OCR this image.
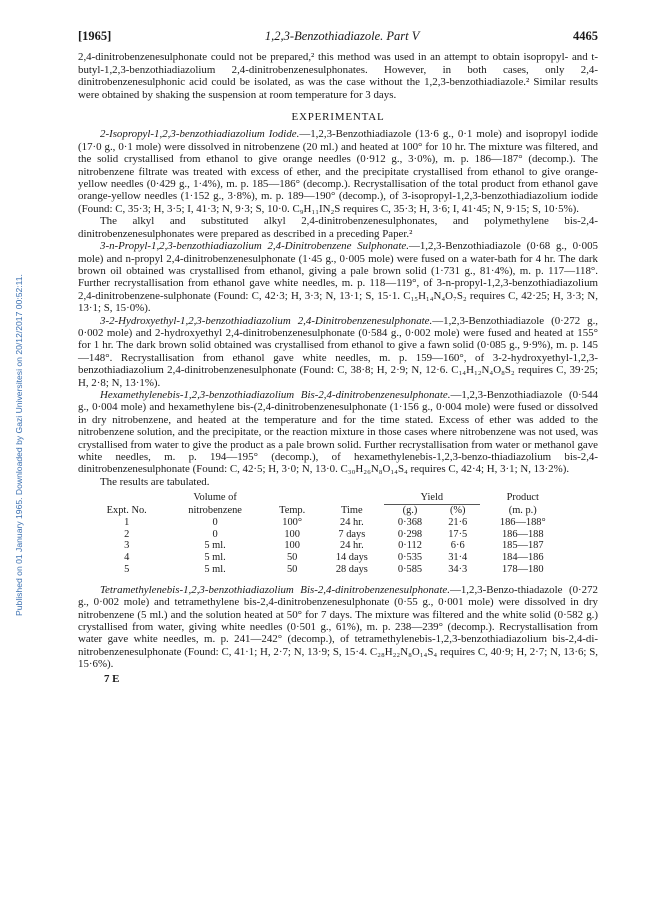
Published on 01 January 1965. Downloaded by Gazi Universitesi on 20/12/2017 00:52:11.
[1965]	1,2,3-Benzothiadiazole. Part V	4465

2,4-dinitrobenzenesulphonate could not be prepared,² this method was used in an attempt to obtain isopropyl- and t-butyl-1,2,3-benzothiadiazolium 2,4-dinitrobenzenesulphonates. However, in both cases, only 2,4-dinitrobenzenesulphonic acid could be isolated, as was the case without the 1,2,3-benzothiadiazole.² Similar results were obtained by shaking the suspension at room temperature for 3 days.

EXPERIMENTAL

2-Isopropyl-1,2,3-benzothiadiazolium Iodide.—1,2,3-Benzothiadiazole (13·6 g., 0·1 mole) and isopropyl iodide (17·0 g., 0·1 mole) were dissolved in nitrobenzene (20 ml.) and heated at 100° for 10 hr. The mixture was filtered, and the solid crystallised from ethanol to give orange needles (0·912 g., 3·0%), m. p. 186—187° (decomp.). The nitrobenzene filtrate was treated with excess of ether, and the precipitate crystallised from ethanol to give orange-yellow needles (0·429 g., 1·4%), m. p. 185—186° (decomp.). Recrystallisation of the total product from ethanol gave orange-yellow needles (1·152 g., 3·8%), m. p. 189—190° (decomp.), of 3-isopropyl-1,2,3-benzothiadiazolium iodide (Found: C, 35·3; H, 3·5; I, 41·3; N, 9·3; S, 10·0. C₉H₁₁IN₂S requires C, 35·3; H, 3·6; I, 41·45; N, 9·15; S, 10·5%).

The alkyl and substituted alkyl 2,4-dinitrobenzenesulphonates, and polymethylene bis-2,4-dinitrobenzenesulphonates were prepared as described in a preceding Paper.²

3-n-Propyl-1,2,3-benzothiadiazolium 2,4-Dinitrobenzene Sulphonate.—1,2,3-Benzothiadiazole (0·68 g., 0·005 mole) and n-propyl 2,4-dinitrobenzenesulphonate (1·45 g., 0·005 mole) were fused on a water-bath for 4 hr. The dark brown oil obtained was crystallised from ethanol, giving a pale brown solid (1·731 g., 81·4%), m. p. 117—118°. Further recrystallisation from ethanol gave white needles, m. p. 118—119°, of 3-n-propyl-1,2,3-benzothiadiazolium 2,4-dinitrobenzene-sulphonate (Found: C, 42·3; H, 3·3; N, 13·1; S, 15·1. C₁₅H₁₄N₄O₇S₂ requires C, 42·25; H, 3·3; N, 13·1; S, 15·0%).

3-2-Hydroxyethyl-1,2,3-benzothiadiazolium 2,4-Dinitrobenzenesulphonate.—1,2,3-Benzothiadiazole (0·272 g., 0·002 mole) and 2-hydroxyethyl 2,4-dinitrobenzenesulphonate (0·584 g., 0·002 mole) were fused and heated at 155° for 1 hr. The dark brown solid obtained was crystallised from ethanol to give a fawn solid (0·085 g., 9·9%), m. p. 145—148°. Recrystallisation from ethanol gave white needles, m. p. 159—160°, of 3-2-hydroxyethyl-1,2,3-benzothiadiazolium 2,4-dinitrobenzenesulphonate (Found: C, 38·8; H, 2·9; N, 12·6. C₁₄H₁₂N₄O₈S₂ requires C, 39·25; H, 2·8; N, 13·1%).

Hexamethylenebis-1,2,3-benzothiadiazolium Bis-2,4-dinitrobenzenesulphonate.—1,2,3-Benzothiadiazole (0·544 g., 0·004 mole) and hexamethylene bis-(2,4-dinitrobenzenesulphonate (1·156 g., 0·004 mole) were fused or dissolved in dry nitrobenzene, and heated at the temperature and for the time stated. Excess of ether was added to the nitrobenzene solution, and the precipitate, or the reaction mixture in those cases where nitrobenzene was not used, was crystallised from water to give the product as a pale brown solid. Further recrystallisation from water or methanol gave white needles, m. p. 194—195° (decomp.), of hexamethylenebis-1,2,3-benzo-thiadiazolium bis-2,4-dinitrobenzenesulphonate (Found: C, 42·5; H, 3·0; N, 13·0. C₃₀H₂₆N₈O₁₄S₄ requires C, 42·4; H, 3·1; N, 13·2%).

The results are tabulated.

	Volume of			Yield		Product
Expt. No.	nitrobenzene	Temp.	Time	(g.)	(%)	(m. p.)
1	0	100°	24 hr.	0·368	21·6	186—188°
2	0	100	7 days	0·298	17·5	186—188
3	5 ml.	100	24 hr.	0·112	6·6	185—187
4	5 ml.	50	14 days	0·535	31·4	184—186
5	5 ml.	50	28 days	0·585	34·3	178—180

Tetramethylenebis-1,2,3-benzothiadiazolium Bis-2,4-dinitrobenzenesulphonate.—1,2,3-Benzo-thiadazole (0·272 g., 0·002 mole) and tetramethylene bis-2,4-dinitrobenzenesulphonate (0·55 g., 0·001 mole) were dissolved in dry nitrobenzene (5 ml.) and the solution heated at 50° for 7 days. The mixture was filtered and the white solid (0·582 g.) crystallised from water, giving white needles (0·501 g., 61%), m. p. 238—239° (decomp.). Recrystallisation from water gave white needles, m. p. 241—242° (decomp.), of tetramethylenebis-1,2,3-benzothiadiazolium bis-2,4-di-nitrobenzenesulphonate (Found: C, 41·1; H, 2·7; N, 13·9; S, 15·4. C₂₈H₂₂N₈O₁₄S₄ requires C, 40·9; H, 2·7; N, 13·6; S, 15·6%).

7 E
